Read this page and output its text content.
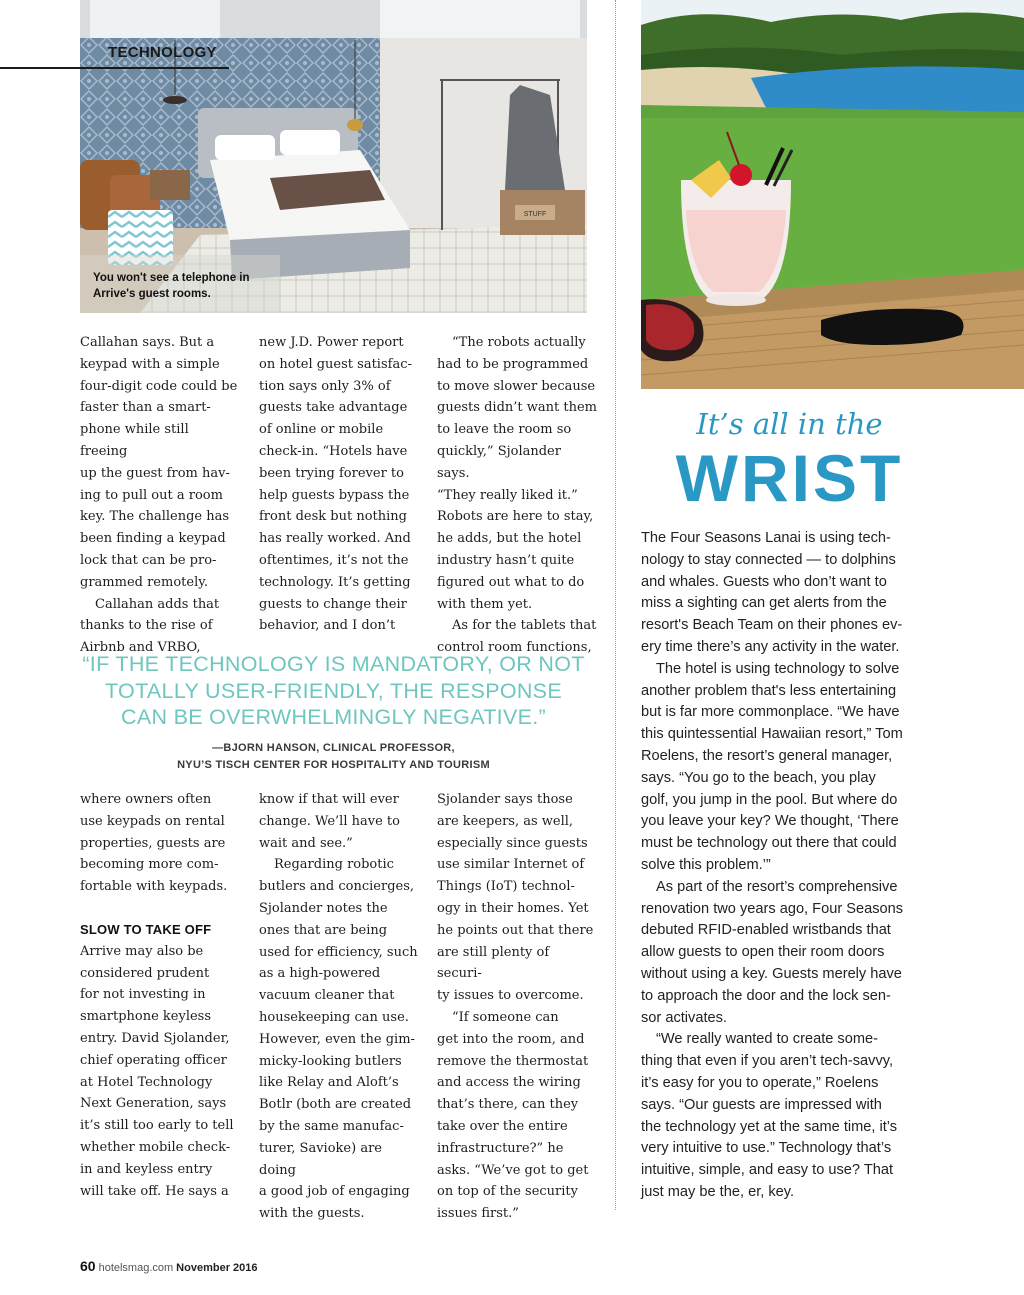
TECHNOLOGY
STUFF
You won't see a telephone in Arrive's guest rooms.

Callahan says. But a
keypad with a simple
four-digit code could be
faster than a smart-
phone while still freeing
up the guest from hav-
ing to pull out a room
key. The challenge has
been finding a keypad
lock that can be pro-
grammed remotely.

Callahan adds that
thanks to the rise of
Airbnb and VRBO,

new J.D. Power report
on hotel guest satisfac-
tion says only 3% of
guests take advantage
of online or mobile
check-in. “Hotels have
been trying forever to
help guests bypass the
front desk but nothing
has really worked. And
oftentimes, it’s not the
technology. It’s getting
guests to change their
behavior, and I don’t

“The robots actually
had to be programmed
to move slower because
guests didn’t want them
to leave the room so
quickly,” Sjolander says.
“They really liked it.”
Robots are here to stay,
he adds, but the hotel
industry hasn’t quite
figured out what to do
with them yet.

As for the tablets that
control room functions,

“IF THE TECHNOLOGY IS MANDATORY, OR NOT TOTALLY USER-FRIENDLY, THE RESPONSE CAN BE OVERWHELMINGLY NEGATIVE.”
—BJORN HANSON, CLINICAL PROFESSOR,
NYU’S TISCH CENTER FOR HOSPITALITY AND TOURISM

where owners often
use keypads on rental
properties, guests are
becoming more com-
fortable with keypads.

SLOW TO TAKE OFF

Arrive may also be
considered prudent
for not investing in
smartphone keyless
entry. David Sjolander,
chief operating officer
at Hotel Technology
Next Generation, says
it’s still too early to tell
whether mobile check-
in and keyless entry
will take off. He says a

know if that will ever
change. We’ll have to
wait and see.”

Regarding robotic
butlers and concierges,
Sjolander notes the
ones that are being
used for efficiency, such
as a high-powered
vacuum cleaner that
housekeeping can use.
However, even the gim-
micky-looking butlers
like Relay and Aloft’s
Botlr (both are created
by the same manufac-
turer, Savioke) are doing
a good job of engaging
with the guests.

Sjolander says those
are keepers, as well,
especially since guests
use similar Internet of
Things (IoT) technol-
ogy in their homes. Yet
he points out that there
are still plenty of securi-
ty issues to overcome.

“If someone can
get into the room, and
remove the thermostat
and access the wiring
that’s there, can they
take over the entire
infrastructure?” he
asks. “We’ve got to get
on top of the security
issues first.”

It’s all in the
WRIST

The Four Seasons Lanai is using tech-
nology to stay connected — to dolphins
and whales. Guests who don’t want to
miss a sighting can get alerts from the
resort's Beach Team on their phones ev-
ery time there’s any activity in the water.

The hotel is using technology to solve
another problem that's less entertaining
but is far more commonplace. “We have
this quintessential Hawaiian resort,” Tom
Roelens, the resort’s general manager,
says. “You go to the beach, you play
golf, you jump in the pool. But where do
you leave your key? We thought, ‘There
must be technology out there that could
solve this problem.’”

As part of the resort’s comprehensive
renovation two years ago, Four Seasons
debuted RFID-enabled wristbands that
allow guests to open their room doors
without using a key. Guests merely have
to approach the door and the lock sen-
sor activates.

“We really wanted to create some-
thing that even if you aren’t tech-savvy,
it’s easy for you to operate,” Roelens
says. “Our guests are impressed with
the technology yet at the same time, it’s
very intuitive to use.” Technology that’s
intuitive, simple, and easy to use? That
just may be the, er, key.

60 hotelsmag.com November 2016
